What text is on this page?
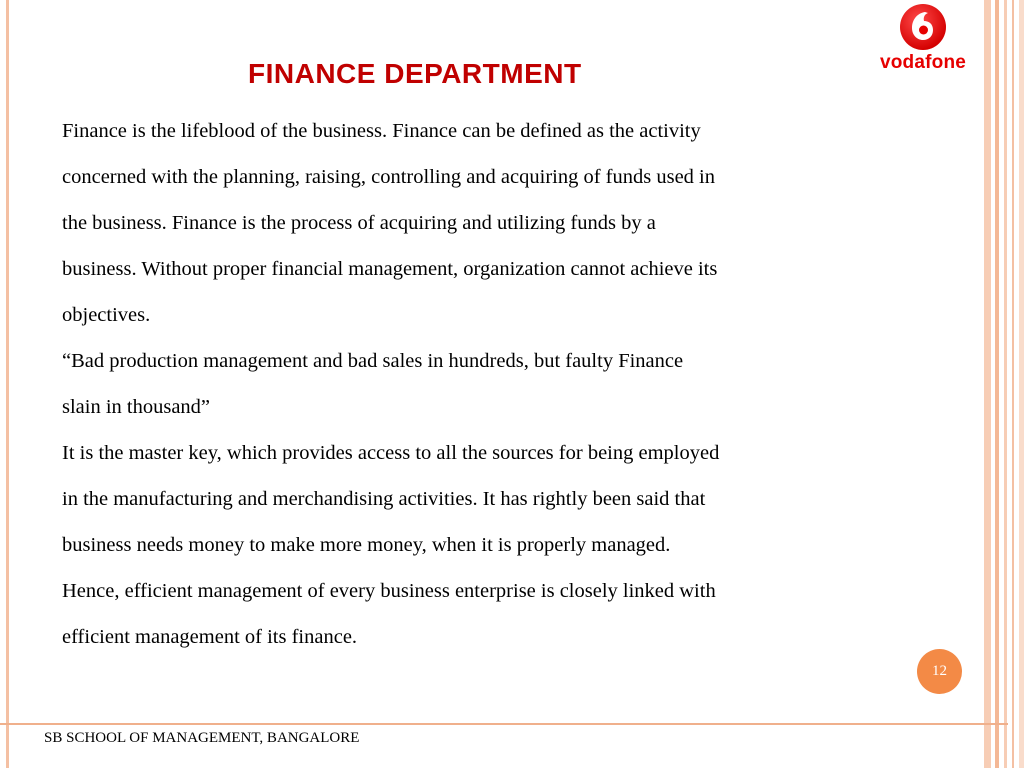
vodafone
FINANCE DEPARTMENT

Finance is the lifeblood of the business. Finance can be defined as the activity

concerned with the planning, raising, controlling and acquiring of funds used in

the business. Finance is the process of acquiring and utilizing funds by a

business. Without proper financial management, organization cannot achieve its

objectives.

“Bad production management and bad sales in hundreds, but faulty Finance

slain in thousand”

It is the master key, which provides access to all the sources for being employed

in the manufacturing and merchandising activities. It has rightly been said that

business needs money to make more money, when it is properly managed.

Hence, efficient management of every business enterprise is closely linked with

efficient management of its finance.

12
SB SCHOOL OF MANAGEMENT, BANGALORE
